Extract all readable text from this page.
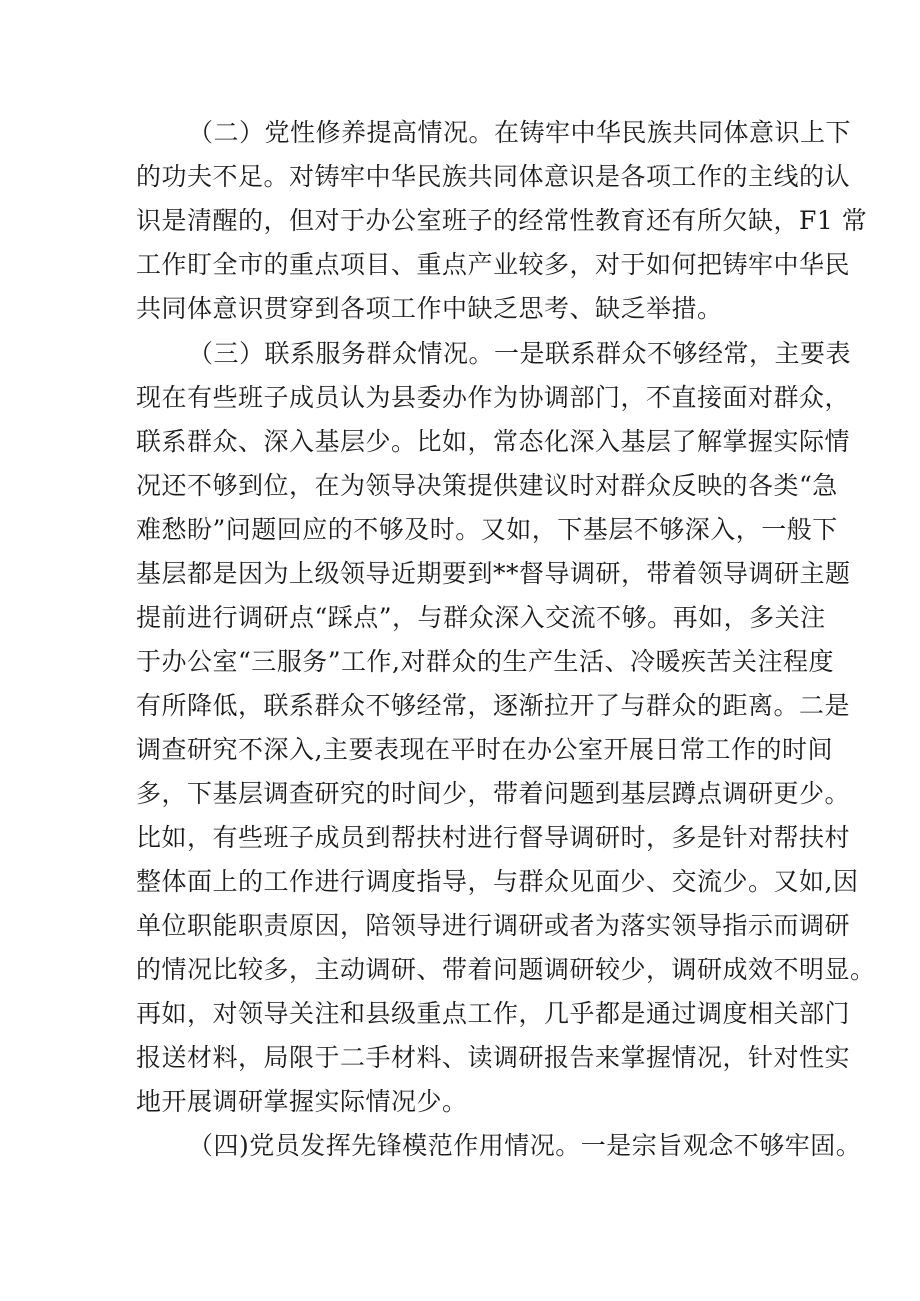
（二）党性修养提高情况。在铸牢中华民族共同体意识上下
的功夫不足。对铸牢中华民族共同体意识是各项工作的主线的认
识是清醒的，但对于办公室班子的经常性教育还有所欠缺，F1 常
工作盯全市的重点项目、重点产业较多，对于如何把铸牢中华民
共同体意识贯穿到各项工作中缺乏思考、缺乏举措。
（三）联系服务群众情况。一是联系群众不够经常，主要表
现在有些班子成员认为县委办作为协调部门，不直接面对群众，
联系群众、深入基层少。比如，常态化深入基层了解掌握实际情
况还不够到位，在为领导决策提供建议时对群众反映的各类“急
难愁盼”问题回应的不够及时。又如，下基层不够深入，一般下
基层都是因为上级领导近期要到**督导调研，带着领导调研主题
提前进行调研点“踩点”，与群众深入交流不够。再如，多关注
于办公室“三服务”工作,对群众的生产生活、冷暖疾苦关注程度
有所降低，联系群众不够经常，逐渐拉开了与群众的距离。二是
调查研究不深入,主要表现在平时在办公室开展日常工作的时间
多，下基层调查研究的时间少，带着问题到基层蹲点调研更少。
比如，有些班子成员到帮扶村进行督导调研时，多是针对帮扶村
整体面上的工作进行调度指导，与群众见面少、交流少。又如,因
单位职能职责原因，陪领导进行调研或者为落实领导指示而调研
的情况比较多，主动调研、带着问题调研较少，调研成效不明显。
再如，对领导关注和县级重点工作，几乎都是通过调度相关部门
报送材料，局限于二手材料、读调研报告来掌握情况，针对性实
地开展调研掌握实际情况少。
（四)党员发挥先锋模范作用情况。一是宗旨观念不够牢固。
